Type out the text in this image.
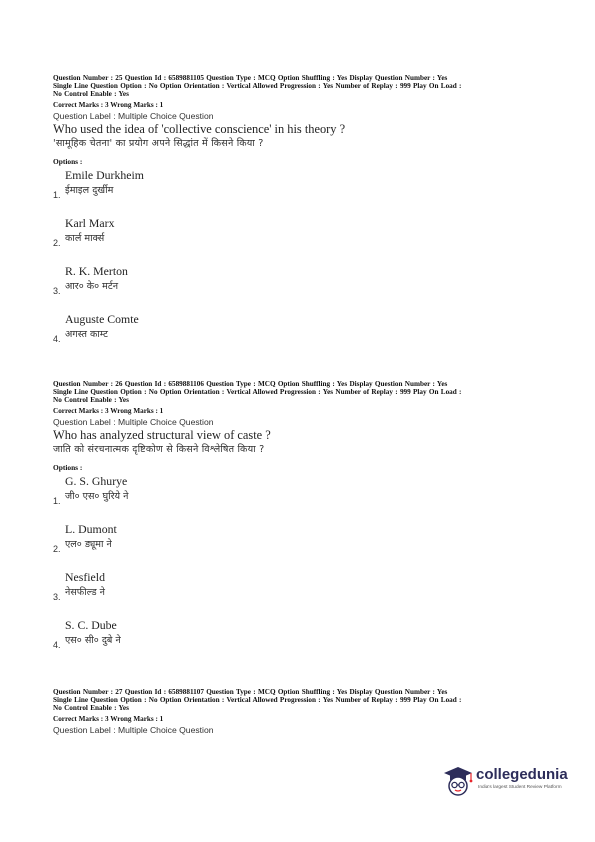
Question Number : 25 Question Id : 6589881105 Question Type : MCQ Option Shuffling : Yes Display Question Number : Yes
Single Line Question Option : No Option Orientation : Vertical Allowed Progression : Yes Number of Replay : 999 Play On Load :
No Control Enable : Yes
Correct Marks : 3 Wrong Marks : 1
Question Label : Multiple Choice Question
Who used the idea of 'collective conscience' in his theory ?
'सामूहिक चेतना' का प्रयोग अपने सिद्धांत में किसने किया ?
Options :
Emile Durkheim
ईमाइल दुर्खीम
1.
Karl Marx
कार्ल मार्क्स
2.
R. K. Merton
आर० के० मर्टन
3.
Auguste Comte
अगस्त काम्ट
4.
Question Number : 26 Question Id : 6589881106 Question Type : MCQ Option Shuffling : Yes Display Question Number : Yes
Single Line Question Option : No Option Orientation : Vertical Allowed Progression : Yes Number of Replay : 999 Play On Load :
No Control Enable : Yes
Correct Marks : 3 Wrong Marks : 1
Question Label : Multiple Choice Question
Who has analyzed structural view of caste ?
जाति को संरचनात्मक दृष्टिकोण से किसने विश्लेषित किया ?
Options :
G. S. Ghurye
जी० एस० घुरिये ने
1.
L. Dumont
एल० ड्यूमा ने
2.
Nesfield
नेसफील्ड ने
3.
S. C. Dube
एस० सी० दुबे ने
4.
Question Number : 27 Question Id : 6589881107 Question Type : MCQ Option Shuffling : Yes Display Question Number : Yes
Single Line Question Option : No Option Orientation : Vertical Allowed Progression : Yes Number of Replay : 999 Play On Load :
No Control Enable : Yes
Correct Marks : 3 Wrong Marks : 1
Question Label : Multiple Choice Question
collegedunia
India's largest Student Review Platform
